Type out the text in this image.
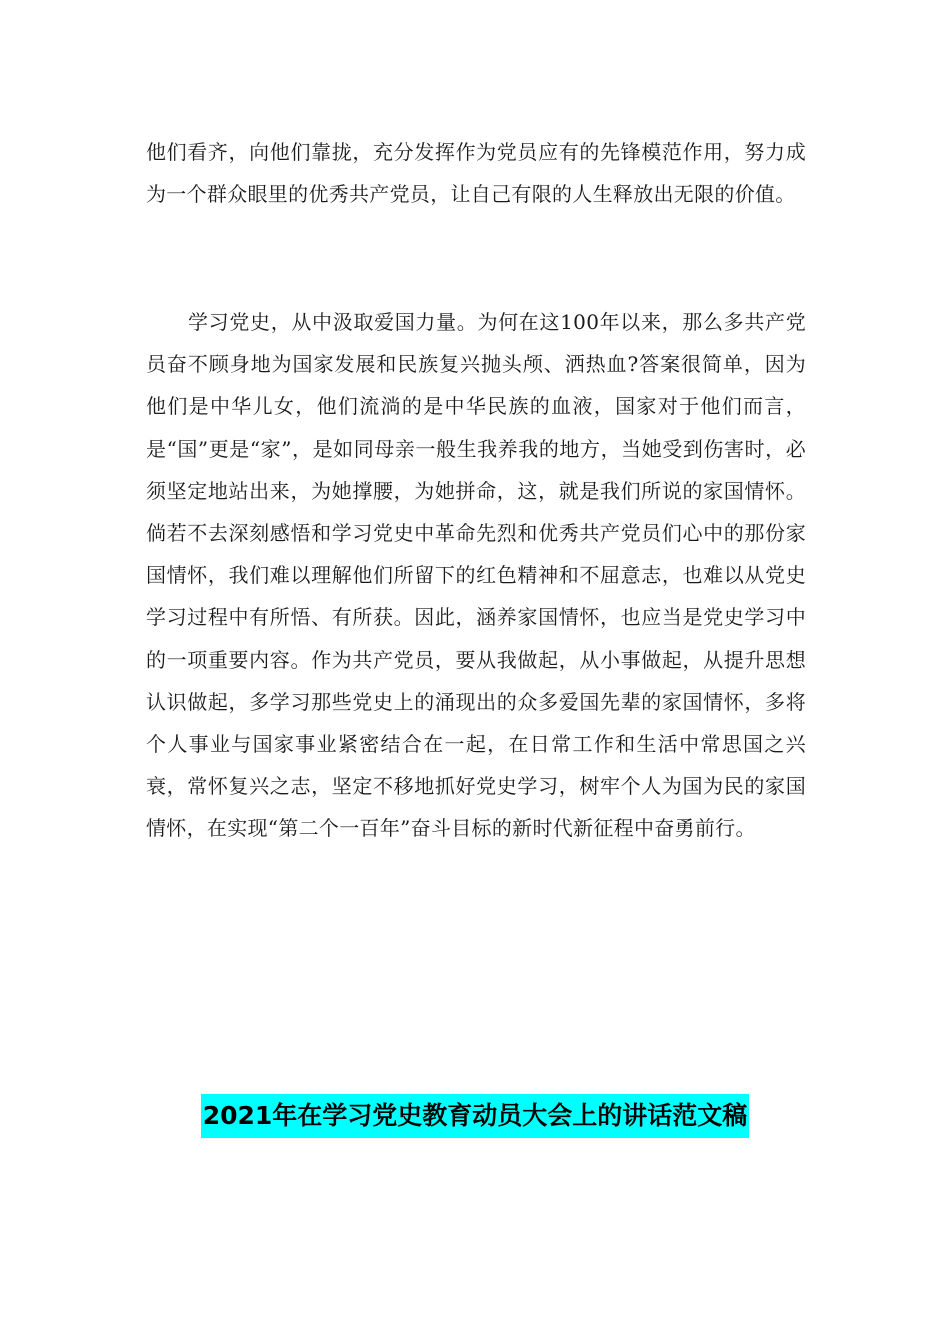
他们看齐，向他们靠拢，充分发挥作为党员应有的先锋模范作用，努力成为一个群众眼里的优秀共产党员，让自己有限的人生释放出无限的价值。

学习党史，从中汲取爱国力量。为何在这100年以来，那么多共产党员奋不顾身地为国家发展和民族复兴抛头颅、洒热血?答案很简单，因为他们是中华儿女，他们流淌的是中华民族的血液，国家对于他们而言，是“国”更是“家”，是如同母亲一般生我养我的地方，当她受到伤害时，必须坚定地站出来，为她撑腰，为她拼命，这，就是我们所说的家国情怀。倘若不去深刻感悟和学习党史中革命先烈和优秀共产党员们心中的那份家国情怀，我们难以理解他们所留下的红色精神和不屈意志，也难以从党史学习过程中有所悟、有所获。因此，涵养家国情怀，也应当是党史学习中的一项重要内容。作为共产党员，要从我做起，从小事做起，从提升思想认识做起，多学习那些党史上的涌现出的众多爱国先辈的家国情怀，多将个人事业与国家事业紧密结合在一起，在日常工作和生活中常思国之兴衰，常怀复兴之志，坚定不移地抓好党史学习，树牢个人为国为民的家国情怀，在实现“第二个一百年”奋斗目标的新时代新征程中奋勇前行。

2021年在学习党史教育动员大会上的讲话范文稿
